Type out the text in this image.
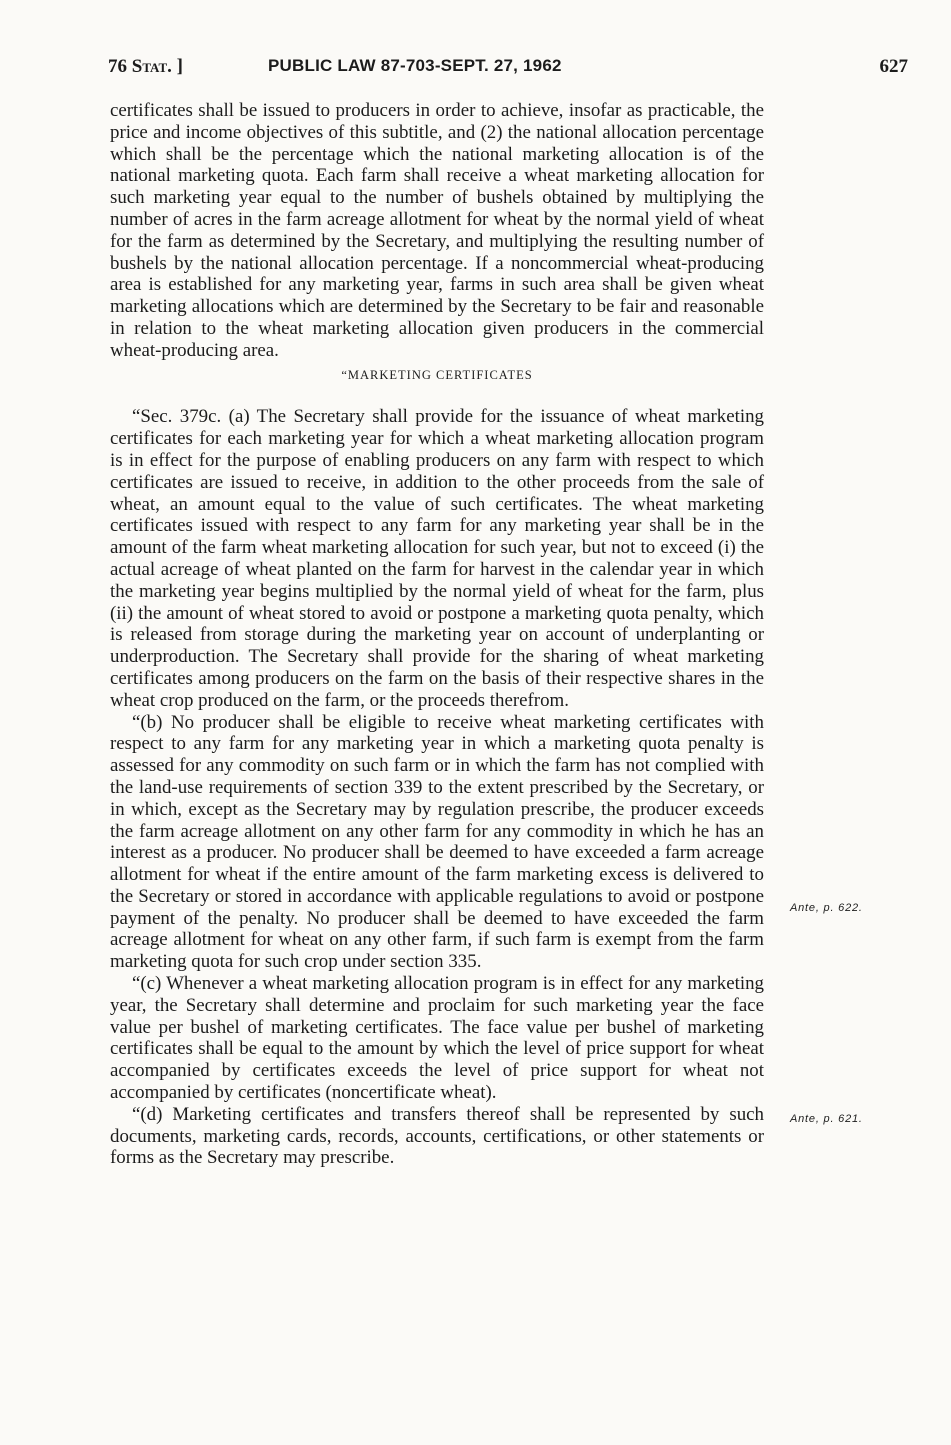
76 Stat. ]	PUBLIC LAW 87-703-SEPT. 27, 1962	627

certificates shall be issued to producers in order to achieve, insofar as practicable, the price and income objectives of this subtitle, and (2) the national allocation percentage which shall be the percentage which the national marketing allocation is of the national marketing quota. Each farm shall receive a wheat marketing allocation for such marketing year equal to the number of bushels obtained by multiplying the number of acres in the farm acreage allotment for wheat by the normal yield of wheat for the farm as determined by the Secretary, and multiplying the resulting number of bushels by the national allocation percentage. If a noncommercial wheat-producing area is established for any marketing year, farms in such area shall be given wheat marketing allocations which are determined by the Secretary to be fair and reasonable in relation to the wheat marketing allocation given producers in the commercial wheat-producing area.

“MARKETING CERTIFICATES

“Sec. 379c. (a) The Secretary shall provide for the issuance of wheat marketing certificates for each marketing year for which a wheat marketing allocation program is in effect for the purpose of enabling producers on any farm with respect to which certificates are issued to receive, in addition to the other proceeds from the sale of wheat, an amount equal to the value of such certificates. The wheat marketing certificates issued with respect to any farm for any marketing year shall be in the amount of the farm wheat marketing allocation for such year, but not to exceed (i) the actual acreage of wheat planted on the farm for harvest in the calendar year in which the marketing year begins multiplied by the normal yield of wheat for the farm, plus (ii) the amount of wheat stored to avoid or postpone a marketing quota penalty, which is released from storage during the marketing year on account of underplanting or underproduction. The Secretary shall provide for the sharing of wheat marketing certificates among producers on the farm on the basis of their respective shares in the wheat crop produced on the farm, or the proceeds therefrom.

“(b) No producer shall be eligible to receive wheat marketing certificates with respect to any farm for any marketing year in which a marketing quota penalty is assessed for any commodity on such farm or in which the farm has not complied with the land-use requirements of section 339 to the extent prescribed by the Secretary, or in which, except as the Secretary may by regulation prescribe, the producer exceeds the farm acreage allotment on any other farm for any commodity in which he has an interest as a producer. No producer shall be deemed to have exceeded a farm acreage allotment for wheat if the entire amount of the farm marketing excess is delivered to the Secretary or stored in accordance with applicable regulations to avoid or postpone payment of the penalty. No producer shall be deemed to have exceeded the farm acreage allotment for wheat on any other farm, if such farm is exempt from the farm marketing quota for such crop under section 335.

“(c) Whenever a wheat marketing allocation program is in effect for any marketing year, the Secretary shall determine and proclaim for such marketing year the face value per bushel of marketing certificates. The face value per bushel of marketing certificates shall be equal to the amount by which the level of price support for wheat accompanied by certificates exceeds the level of price support for wheat not accompanied by certificates (noncertificate wheat).

“(d) Marketing certificates and transfers thereof shall be represented by such documents, marketing cards, records, accounts, certifications, or other statements or forms as the Secretary may prescribe.

Ante, p. 622.
Ante, p. 621.
